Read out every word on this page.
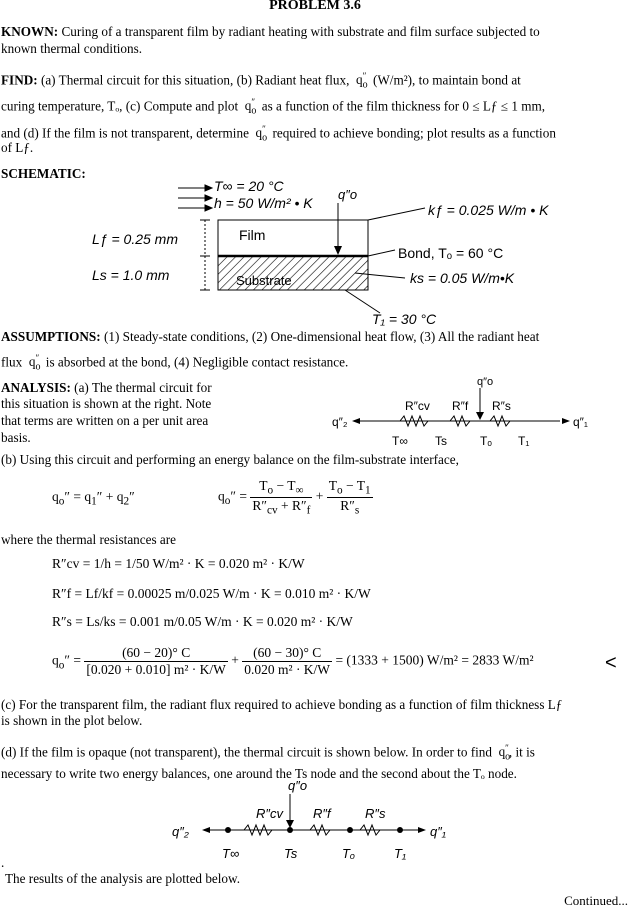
PROBLEM 3.6
KNOWN: Curing of a transparent film by radiant heating with substrate and film surface subjected to
known thermal conditions.
FIND: (a) Thermal circuit for this situation, (b) Radiant heat flux,  $q_o''$ (W/m²), to maintain bond at
curing temperature, Tₒ, (c) Compute and plot  $q_o''$ as a function of the film thickness for 0 ≤ Lƒ ≤ 1 mm,
and (d) If the film is not transparent, determine  $q_o''$ required to achieve bonding; plot results as a function
of Lƒ.
SCHEMATIC:
T∞ = 20 °C
h = 50 W/m² • K
q″o
kƒ = 0.025 W/m • K
Lƒ = 0.25 mm	Film
Bond, Tₒ = 60 °C
Ls = 1.0 mm	Substrate	ks = 0.05 W/m•K
T₁ = 30 °C
ASSUMPTIONS: (1) Steady-state conditions, (2) One-dimensional heat flow, (3) All the radiant heat
flux  $q_o''$ is absorbed at the bond, (4) Negligible contact resistance.
ANALYSIS: (a) The thermal circuit for
this situation is shown at the right. Note
that terms are written on a per unit area
basis.
q″o
R″cv R″f R″s
q″₂	q″₁
T∞ Ts	Tₒ T₁
(b) Using this circuit and performing an energy balance on the film-substrate interface,
$q_o'' = q_1'' + q_2''$	$q_o'' = \frac{T_o - T_\infty}{R''_{cv} + R''_f} + \frac{T_o - T_1}{R''_s}$
where the thermal resistances are
R″cv = 1/h = 1/50 W/m² · K = 0.020 m² · K/W
R″f = Lf/kf = 0.00025 m/0.025 W/m · K = 0.010 m² · K/W
R″s = Ls/ks = 0.001 m/0.05 W/m · K = 0.020 m² · K/W
$q_o'' = \frac{(60 - 20)^\circ C}{\text{[0.020 + 0.010] m² · K/W}} + \frac{(60 - 30)^\circ C}{\text{0.020 m² · K/W}} = (1333 + 1500) W/m^2 = 2833$ W/m²	<
(c) For the transparent film, the radiant flux required to achieve bonding as a function of film thickness Lƒ
is shown in the plot below.
(d) If the film is opaque (not transparent), the thermal circuit is shown below. In order to find  $q_o''$, it is
necessary to write two energy balances, one around the Ts node and the second about the Tₒ node.
q″o
R″cv R″f	R″s
q″₂	q″₁
T∞	Ts	Tₒ	T₁
.
The results of the analysis are plotted below.
Continued...
